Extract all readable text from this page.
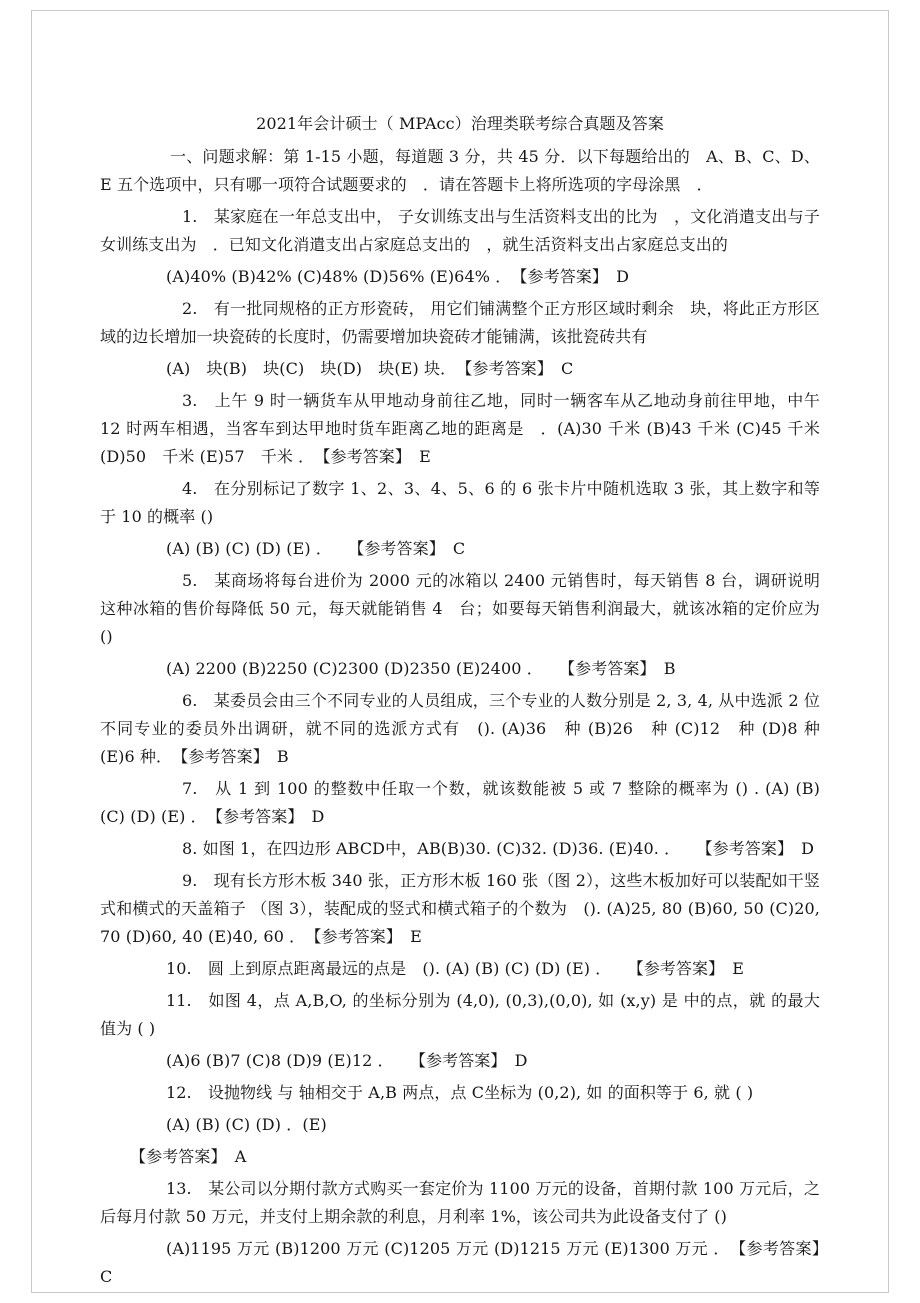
2021年会计硕士（ MPAcc）治理类联考综合真题及答案

一、问题求解：第 1-15 小题，每道题 3 分，共 45 分．以下每题给出的　A、B、C、D、E 五个选项中，只有哪一项符合试题要求的　．请在答题卡上将所选项的字母涂黑　．

1.　某家庭在一年总支出中， 子女训练支出与生活资料支出的比为　，文化消遣支出与子女训练支出为　．已知文化消遣支出占家庭总支出的　，就生活资料支出占家庭总支出的

(A)40% (B)42% (C)48% (D)56% (E)64% ．　【参考答案】　D

2.　有一批同规格的正方形瓷砖， 用它们铺满整个正方形区域时剩余　块，将此正方形区域的边长增加一块瓷砖的长度时，仍需要增加块瓷砖才能铺满，该批瓷砖共有

(A)　块(B)　块(C)　块(D)　块(E) 块．　【参考答案】　C

3.　上午 9 时一辆货车从甲地动身前往乙地，同时一辆客车从乙地动身前往甲地，中午 12 时两车相遇，当客车到达甲地时货车距离乙地的距离是　．(A)30 千米 (B)43 千米 (C)45 千米 (D)50　千米 (E)57　千米 ．　【参考答案】　E

4.　在分别标记了数字 1、2、3、4、5、6 的 6 张卡片中随机选取 3 张，其上数字和等于 10 的概率 ()

(A) (B) (C) (D) (E) ．　　【参考答案】　C

5.　某商场将每台进价为 2000 元的冰箱以 2400 元销售时，每天销售 8 台，调研说明这种冰箱的售价每降低 50 元，每天就能销售 4　台；如要每天销售利润最大，就该冰箱的定价应为 ()

(A) 2200 (B)2250 (C)2300 (D)2350 (E)2400 ．　　【参考答案】　B

6.　某委员会由三个不同专业的人员组成，三个专业的人数分别是 2, 3, 4, 从中选派 2 位不同专业的委员外出调研，就不同的选派方式有　(). (A)36　种 (B)26　种 (C)12　种 (D)8 种 (E)6 种．　【参考答案】　B

7.　从 1 到 100 的整数中任取一个数，就该数能被 5 或 7 整除的概率为 () . (A) (B) (C) (D) (E) ．　【参考答案】　D

8. 如图 1，在四边形 ABCD中，AB(B)30. (C)32. (D)36. (E)40. ．　　【参考答案】　D

9.　现有长方形木板 340 张，正方形木板 160 张（图 2），这些木板加好可以装配如干竖式和横式的天盖箱子 （图 3），装配成的竖式和横式箱子的个数为　(). (A)25, 80 (B)60, 50 (C)20, 70 (D)60, 40 (E)40, 60 ．　【参考答案】　E

10.　圆 上到原点距离最远的点是　(). (A) (B) (C) (D) (E) ．　　【参考答案】　E

11.　如图 4，点 A,B,O, 的坐标分别为 (4,0), (0,3),(0,0), 如 (x,y) 是 中的点，就 的最大值为 ( )

(A)6 (B)7 (C)8 (D)9 (E)12 ．　　【参考答案】　D

12.　设抛物线 与 轴相交于 A,B 两点，点 C坐标为 (0,2), 如 的面积等于 6, 就 ( )

(A) (B) (C) (D) ．(E)

【参考答案】　A

13.　某公司以分期付款方式购买一套定价为 1100 万元的设备，首期付款 100 万元后，之后每月付款 50 万元，并支付上期余款的利息，月利率 1%，该公司共为此设备支付了 ()

(A)1195 万元 (B)1200 万元 (C)1205 万元 (D)1215 万元 (E)1300 万元 ．　【参考答案】　C
